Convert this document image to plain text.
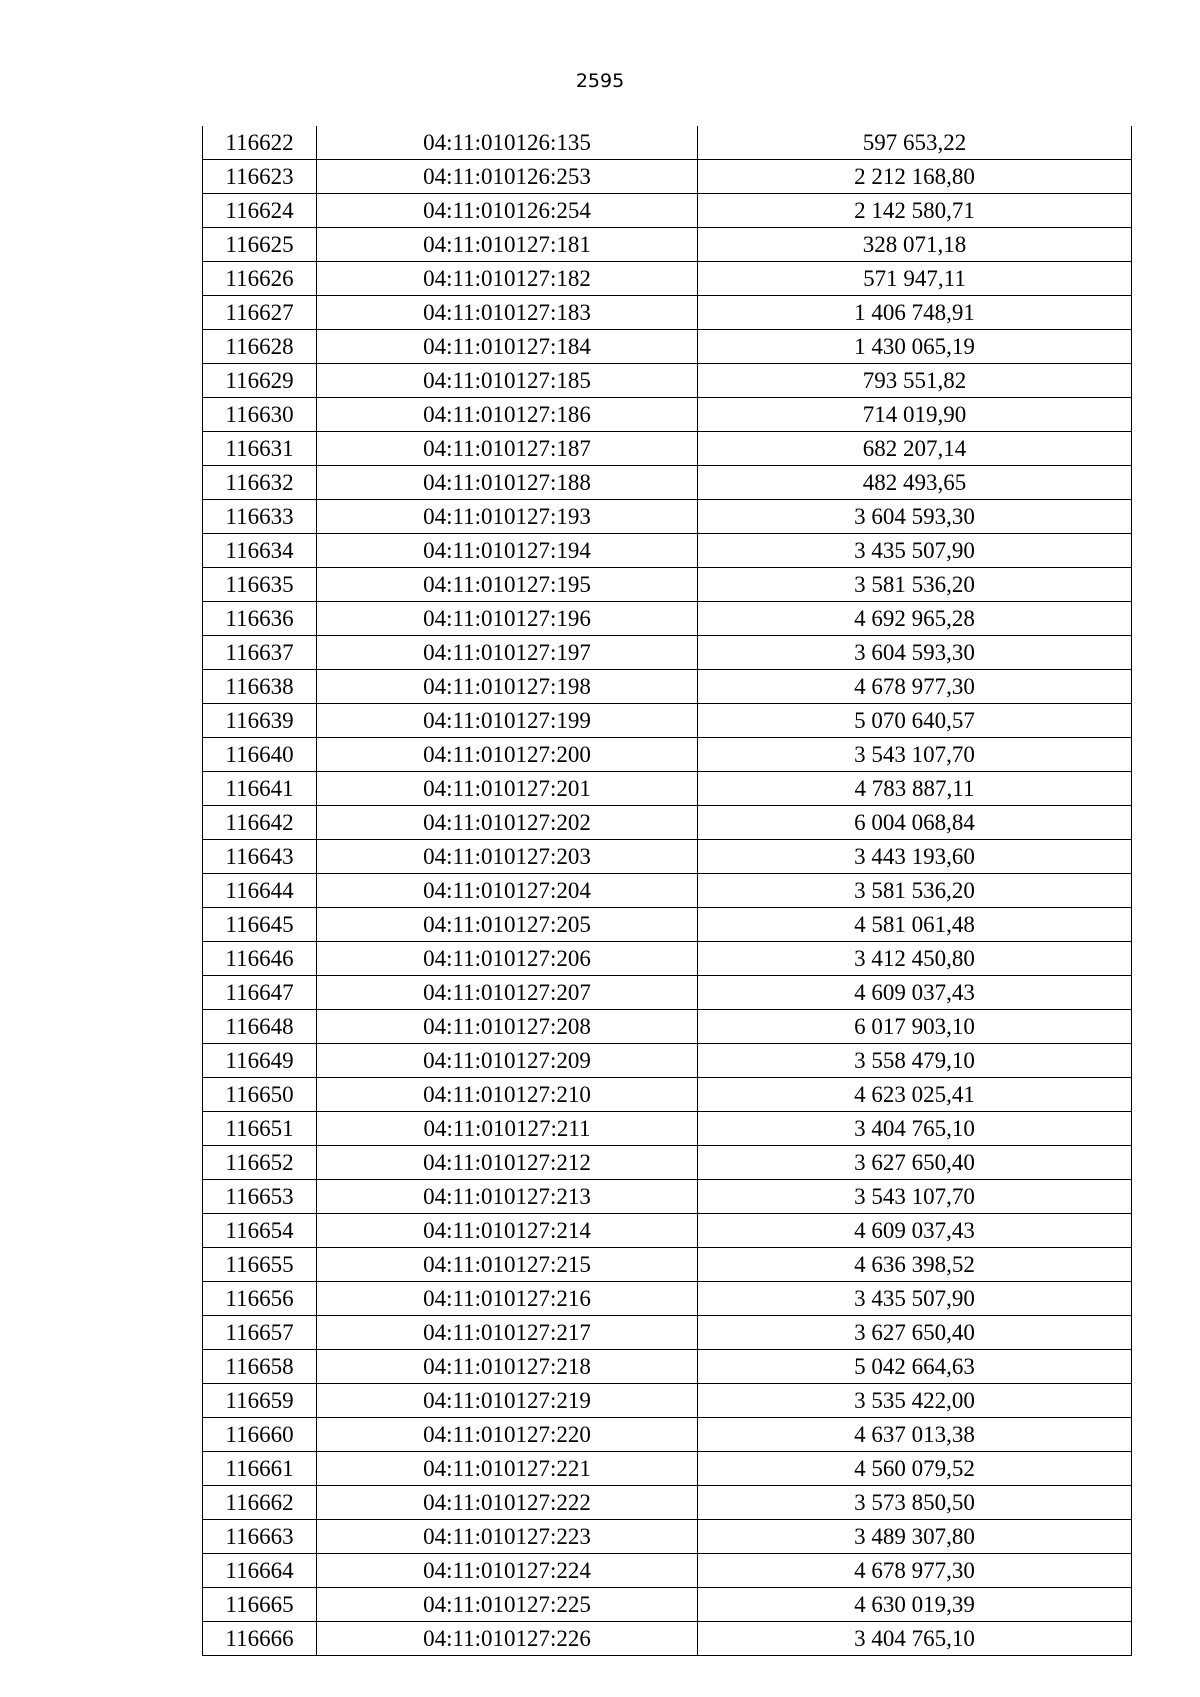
2595
116622	04:11:010126:135	597 653,22
116623	04:11:010126:253	2 212 168,80
116624	04:11:010126:254	2 142 580,71
116625	04:11:010127:181	328 071,18
116626	04:11:010127:182	571 947,11
116627	04:11:010127:183	1 406 748,91
116628	04:11:010127:184	1 430 065,19
116629	04:11:010127:185	793 551,82
116630	04:11:010127:186	714 019,90
116631	04:11:010127:187	682 207,14
116632	04:11:010127:188	482 493,65
116633	04:11:010127:193	3 604 593,30
116634	04:11:010127:194	3 435 507,90
116635	04:11:010127:195	3 581 536,20
116636	04:11:010127:196	4 692 965,28
116637	04:11:010127:197	3 604 593,30
116638	04:11:010127:198	4 678 977,30
116639	04:11:010127:199	5 070 640,57
116640	04:11:010127:200	3 543 107,70
116641	04:11:010127:201	4 783 887,11
116642	04:11:010127:202	6 004 068,84
116643	04:11:010127:203	3 443 193,60
116644	04:11:010127:204	3 581 536,20
116645	04:11:010127:205	4 581 061,48
116646	04:11:010127:206	3 412 450,80
116647	04:11:010127:207	4 609 037,43
116648	04:11:010127:208	6 017 903,10
116649	04:11:010127:209	3 558 479,10
116650	04:11:010127:210	4 623 025,41
116651	04:11:010127:211	3 404 765,10
116652	04:11:010127:212	3 627 650,40
116653	04:11:010127:213	3 543 107,70
116654	04:11:010127:214	4 609 037,43
116655	04:11:010127:215	4 636 398,52
116656	04:11:010127:216	3 435 507,90
116657	04:11:010127:217	3 627 650,40
116658	04:11:010127:218	5 042 664,63
116659	04:11:010127:219	3 535 422,00
116660	04:11:010127:220	4 637 013,38
116661	04:11:010127:221	4 560 079,52
116662	04:11:010127:222	3 573 850,50
116663	04:11:010127:223	3 489 307,80
116664	04:11:010127:224	4 678 977,30
116665	04:11:010127:225	4 630 019,39
116666	04:11:010127:226	3 404 765,10
